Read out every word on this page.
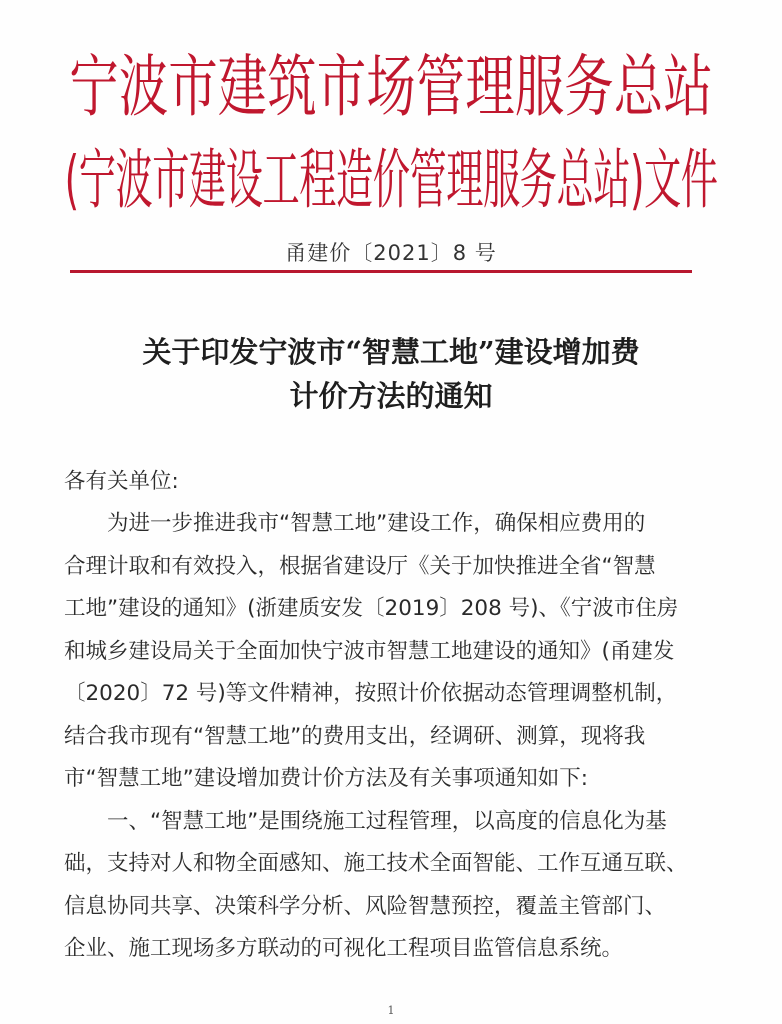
宁波市建筑市场管理服务总站
(宁波市建设工程造价管理服务总站)文件
甬建价〔2021〕8 号
关于印发宁波市“智慧工地”建设增加费
计价方法的通知
各有关单位:
　　为进一步推进我市“智慧工地”建设工作，确保相应费用的
合理计取和有效投入，根据省建设厅《关于加快推进全省“智慧
工地”建设的通知》(浙建质安发〔2019〕208 号)、《宁波市住房
和城乡建设局关于全面加快宁波市智慧工地建设的通知》(甬建发
〔2020〕72 号)等文件精神，按照计价依据动态管理调整机制，
结合我市现有“智慧工地”的费用支出，经调研、测算，现将我
市“智慧工地”建设增加费计价方法及有关事项通知如下:
　　一、“智慧工地”是围绕施工过程管理，以高度的信息化为基
础，支持对人和物全面感知、施工技术全面智能、工作互通互联、
信息协同共享、决策科学分析、风险智慧预控，覆盖主管部门、
企业、施工现场多方联动的可视化工程项目监管信息系统。
1
